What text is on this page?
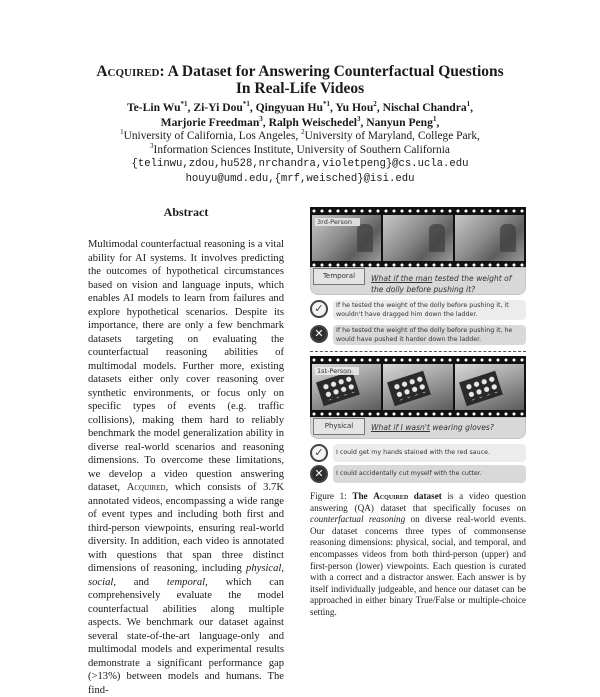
Acquired: A Dataset for Answering Counterfactual Questions
In Real-Life Videos
Te-Lin Wu$^{*1}$, Zi-Yi Dou$^{*1}$, Qingyuan Hu$^{*1}$, Yu Hou$^2$, Nischal Chandra$^1$,
Marjorie Freedman$^3$, Ralph Weischedel$^3$, Nanyun Peng$^1$,
$^1$University of California, Los Angeles, $^2$University of Maryland, College Park,
$^3$Information Sciences Institute, University of Southern California
{telinwu,zdou,hu528,nrchandra,violetpeng}@cs.ucla.edu
houyu@umd.edu,{mrf,weisched}@isi.edu
Abstract

Multimodal counterfactual reasoning is a vital ability for AI systems. It involves predicting the outcomes of hypothetical circumstances based on vision and language inputs, which enables AI models to learn from failures and explore hypothetical scenarios. Despite its importance, there are only a few benchmark datasets targeting on evaluating the counterfactual reasoning abilities of multimodal models. Further more, existing datasets either only cover reasoning over synthetic environments, or focus only on specific types of events (e.g. traffic collisions), making them hard to reliably benchmark the model generalization ability in diverse real-world scenarios and reasoning dimensions. To overcome these limitations, we develop a video question answering dataset, Acquired, which consists of 3.7K annotated videos, encompassing a wide range of event types and including both first and third-person viewpoints, ensuring real-world diversity. In addition, each video is annotated with questions that span three distinct dimensions of reasoning, including physical, social, and temporal, which can comprehensively evaluate the model counterfactual abilities along multiple aspects. We benchmark our dataset against several state-of-the-art language-only and multimodal models and experimental results demonstrate a significant performance gap (>13%) between models and humans. The find-

3rd-Person
Temporal	What if the man tested the weight of the dolly before pushing it?
✓	If he tested the weight of the dolly before pushing it, it wouldn't have dragged him down the ladder.
✕	If he tested the weight of the dolly before pushing it, he would have pushed it harder down the ladder.
1st-Person
Physical	What if I wasn't wearing gloves?
✓	I could get my hands stained with the red sauce.
✕	I could accidentally cut myself with the cutter.
Figure 1: The Acquired dataset is a video question answering (QA) dataset that specifically focuses on counterfactual reasoning on diverse real-world events. Our dataset concerns three types of commonsense reasoning dimensions: physical, social, and temporal, and encompasses videos from both third-person (upper) and first-person (lower) viewpoints. Each question is curated with a correct and a distractor answer. Each answer is by itself individually judgeable, and hence our dataset can be approached in either binary True/False or multiple-choice setting.
